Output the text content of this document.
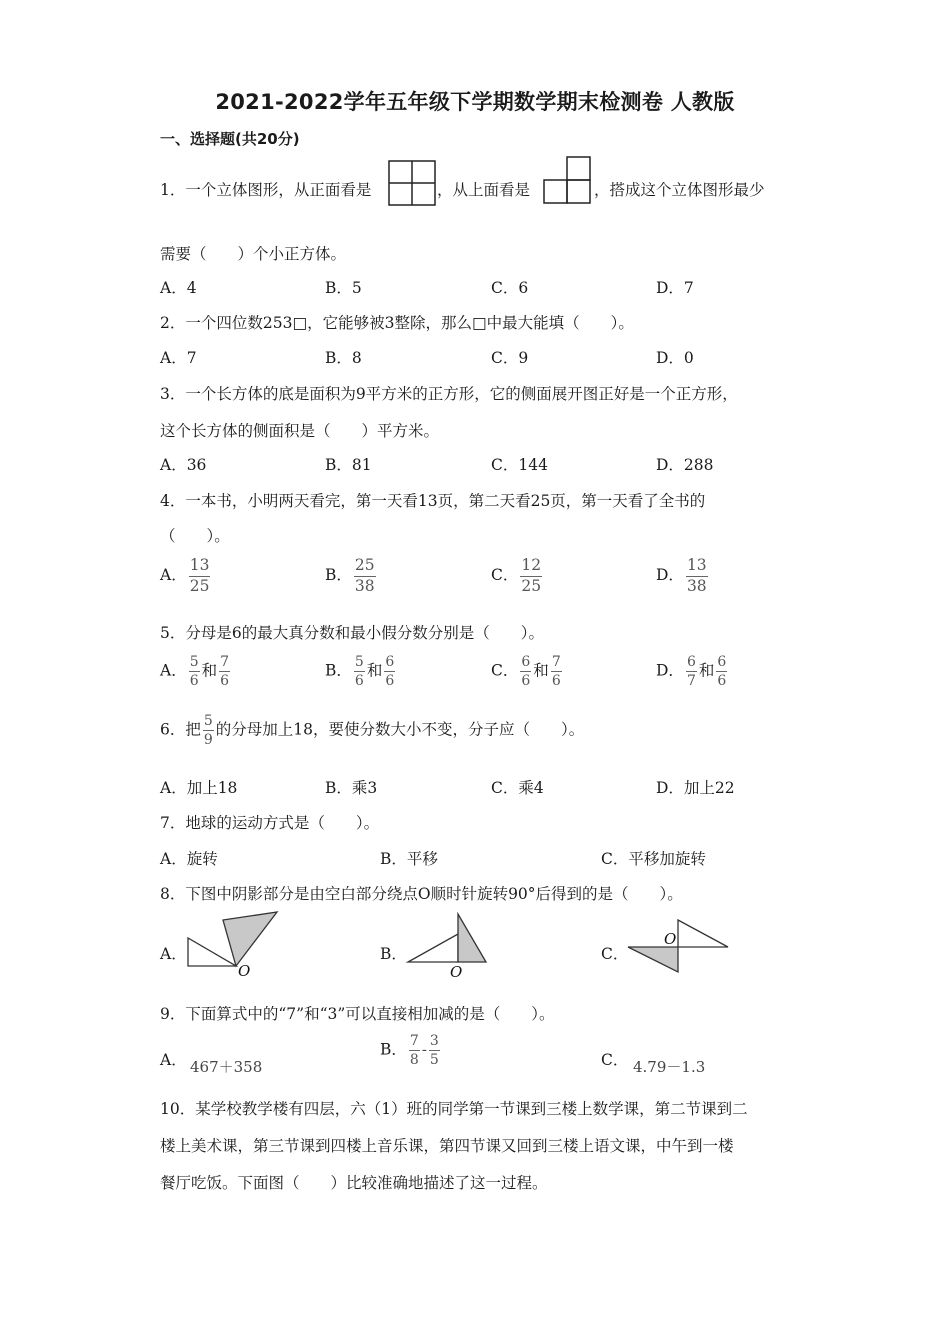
2021-2022学年五年级下学期数学期末检测卷 人教版
一、选择题(共20分)
1．一个立体图形，从正面看是	，从上面看是	，搭成这个立体图形最少
需要（　　）个小正方体。
A．4	B．5	C．6	D．7
2．一个四位数253□，它能够被3整除，那么□中最大能填（　　）。
A．7	B．8	C．9	D．0
3．一个长方体的底是面积为9平方米的正方形，它的侧面展开图正好是一个正方形，
这个长方体的侧面积是（　　）平方米。
A．36	B．81	C．144	D．288
4．一本书，小明两天看完，第一天看13页，第二天看25页，第一天看了全书的
（　　）。
A． $\frac{13}{25}$	B． $\frac{25}{38}$	C． $\frac{12}{25}$	D． $\frac{13}{38}$
5．分母是6的最大真分数和最小假分数分别是（　　）。
A． $\frac{5}{6}$ 和 $\frac{7}{6}$	B． $\frac{5}{6}$ 和 $\frac{6}{6}$	C． $\frac{6}{6}$ 和 $\frac{7}{6}$	D． $\frac{6}{7}$ 和 $\frac{6}{6}$
6．把 $\frac{5}{9}$ 的分母加上18，要使分数大小不变，分子应（　　）。
A．加上18	B．乘3	C．乘4	D．加上22
7．地球的运动方式是（　　）。
A．旋转	B．平移	C．平移加旋转
8．下图中阴影部分是由空白部分绕点O顺时针旋转90°后得到的是（　　）。
A．
O
B．
O
C．
O
9．下面算式中的“7”和“3”可以直接相加减的是（　　）。
A． 467＋358
B． $\frac{7}{8} - \frac{3}{5}$	C． 4.79－1.3
10．某学校教学楼有四层，六（1）班的同学第一节课到三楼上数学课，第二节课到二
楼上美术课，第三节课到四楼上音乐课，第四节课又回到三楼上语文课，中午到一楼
餐厅吃饭。下面图（　　）比较准确地描述了这一过程。
